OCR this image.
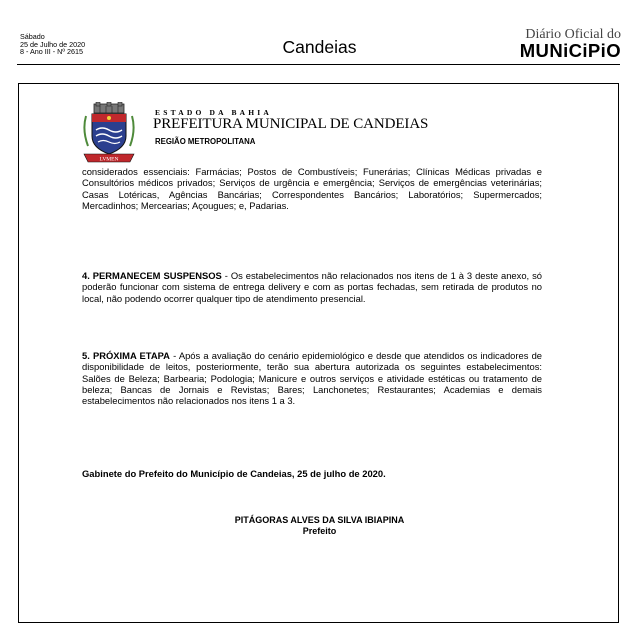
Sábado
25 de Julho de 2020
8 - Ano III - Nº 2615	Candeias
Diário Oficial do
MUNiCiPiO
LVMEN
ESTADO DA BAHIA
PREFEITURA MUNICIPAL DE CANDEIAS
REGIÃO METROPOLITANA

considerados essenciais: Farmácias; Postos de Combustíveis; Funerárias; Clínicas Médicas privadas e Consultórios médicos privados; Serviços de urgência e emergência; Serviços de emergências veterinárias; Casas Lotéricas, Agências Bancárias; Correspondentes Bancários; Laboratórios; Supermercados; Mercadinhos; Mercearias; Açougues; e, Padarias.

4. PERMANECEM SUSPENSOS - Os estabelecimentos não relacionados nos itens de 1 à 3 deste anexo, só poderão funcionar com sistema de entrega delivery e com as portas fechadas, sem retirada de produtos no local, não podendo ocorrer qualquer tipo de atendimento presencial.

5. PRÓXIMA ETAPA - Após a avaliação do cenário epidemiológico e desde que atendidos os indicadores de disponibilidade de leitos, posteriormente, terão sua abertura autorizada os seguintes estabelecimentos: Salões de Beleza; Barbearia; Podologia; Manicure e outros serviços e atividade estéticas ou tratamento de beleza; Bancas de Jornais e Revistas; Bares; Lanchonetes; Restaurantes; Academias e demais estabelecimentos não relacionados nos itens 1 a 3.

Gabinete do Prefeito do Município de Candeias, 25 de julho de 2020.
PITÁGORAS ALVES DA SILVA IBIAPINA
Prefeito
